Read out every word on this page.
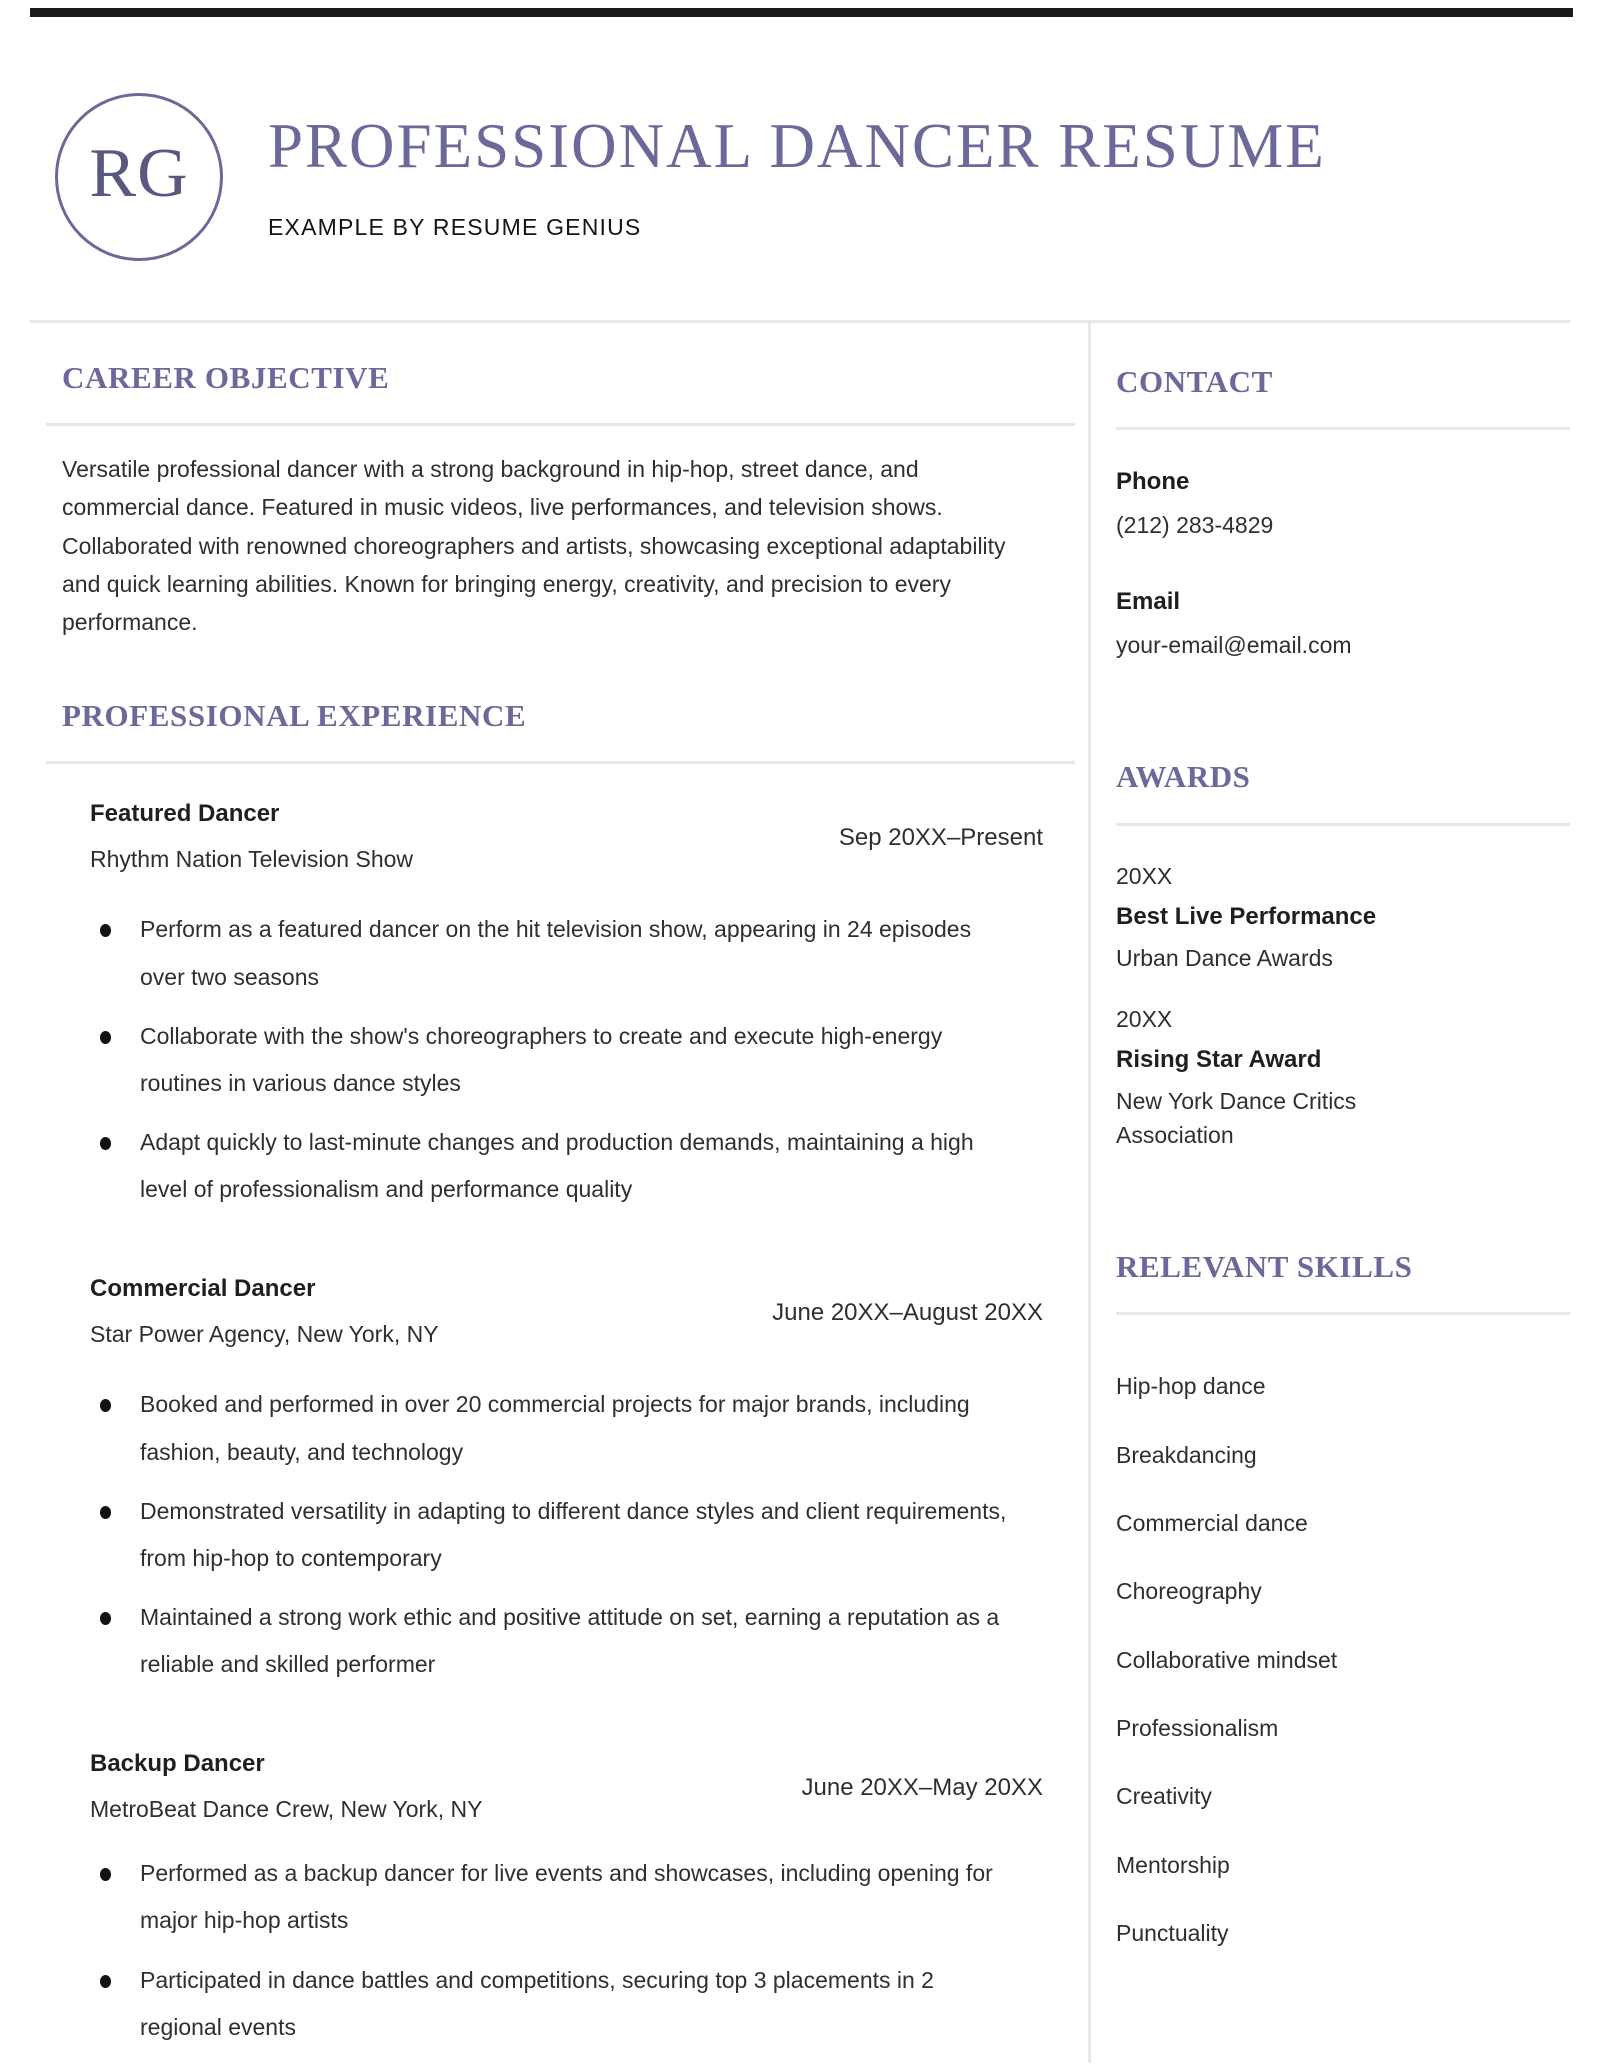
RG PROFESSIONAL DANCER RESUME
EXAMPLE BY RESUME GENIUS
CAREER OBJECTIVE
Versatile professional dancer with a strong background in hip-hop, street dance, and commercial dance. Featured in music videos, live performances, and television shows. Collaborated with renowned choreographers and artists, showcasing exceptional adaptability and quick learning abilities. Known for bringing energy, creativity, and precision to every performance.
PROFESSIONAL EXPERIENCE
Featured Dancer
Rhythm Nation Television Show
Sep 20XX–Present
Perform as a featured dancer on the hit television show, appearing in 24 episodes over two seasons
Collaborate with the show's choreographers to create and execute high-energy routines in various dance styles
Adapt quickly to last-minute changes and production demands, maintaining a high level of professionalism and performance quality
Commercial Dancer
Star Power Agency, New York, NY
June 20XX–August 20XX
Booked and performed in over 20 commercial projects for major brands, including fashion, beauty, and technology
Demonstrated versatility in adapting to different dance styles and client requirements, from hip-hop to contemporary
Maintained a strong work ethic and positive attitude on set, earning a reputation as a reliable and skilled performer
Backup Dancer
MetroBeat Dance Crew, New York, NY
June 20XX–May 20XX
Performed as a backup dancer for live events and showcases, including opening for major hip-hop artists
Participated in dance battles and competitions, securing top 3 placements in 2 regional events
CONTACT
Phone
(212) 283-4829
Email
your-email@email.com
AWARDS
20XX
Best Live Performance
Urban Dance Awards
20XX
Rising Star Award
New York Dance Critics Association
RELEVANT SKILLS
Hip-hop dance
Breakdancing
Commercial dance
Choreography
Collaborative mindset
Professionalism
Creativity
Mentorship
Punctuality
